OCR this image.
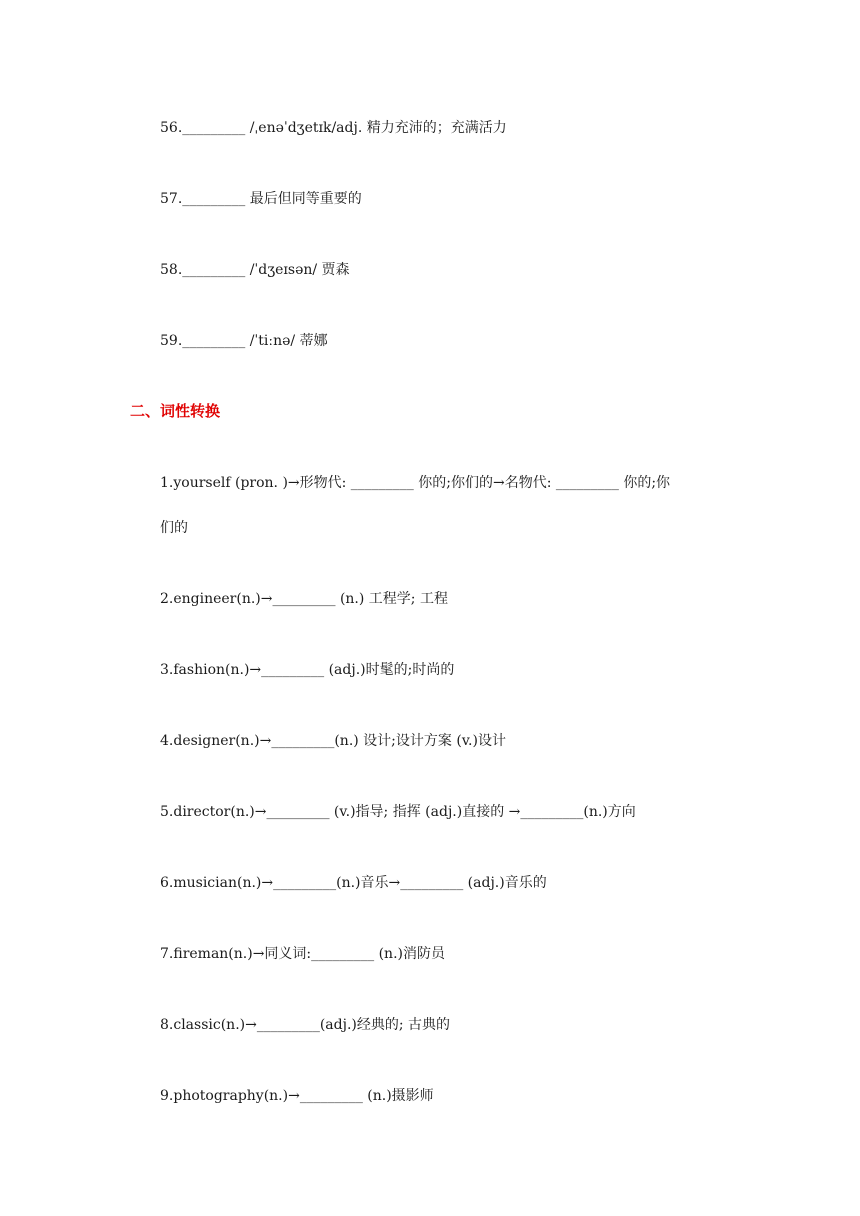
56._________ /ˌenəˈdʒetɪk/adj. 精力充沛的；充满活力
57._________ 最后但同等重要的
58._________ /ˈdʒeɪsən/ 贾森
59._________ /ˈtiːnə/ 蒂娜
二、词性转换
1.yourself (pron. )→形物代: _________ 你的;你们的→名物代: _________ 你的;你
们的
2.engineer(n.)→_________ (n.) 工程学; 工程
3.fashion(n.)→_________ (adj.)时髦的;时尚的
4.designer(n.)→_________(n.) 设计;设计方案 (v.)设计
5.director(n.)→_________ (v.)指导; 指挥 (adj.)直接的 →_________(n.)方向
6.musician(n.)→_________(n.)音乐→_________ (adj.)音乐的
7.fireman(n.)→同义词:_________ (n.)消防员
8.classic(n.)→_________(adj.)经典的; 古典的
9.photography(n.)→_________ (n.)摄影师
